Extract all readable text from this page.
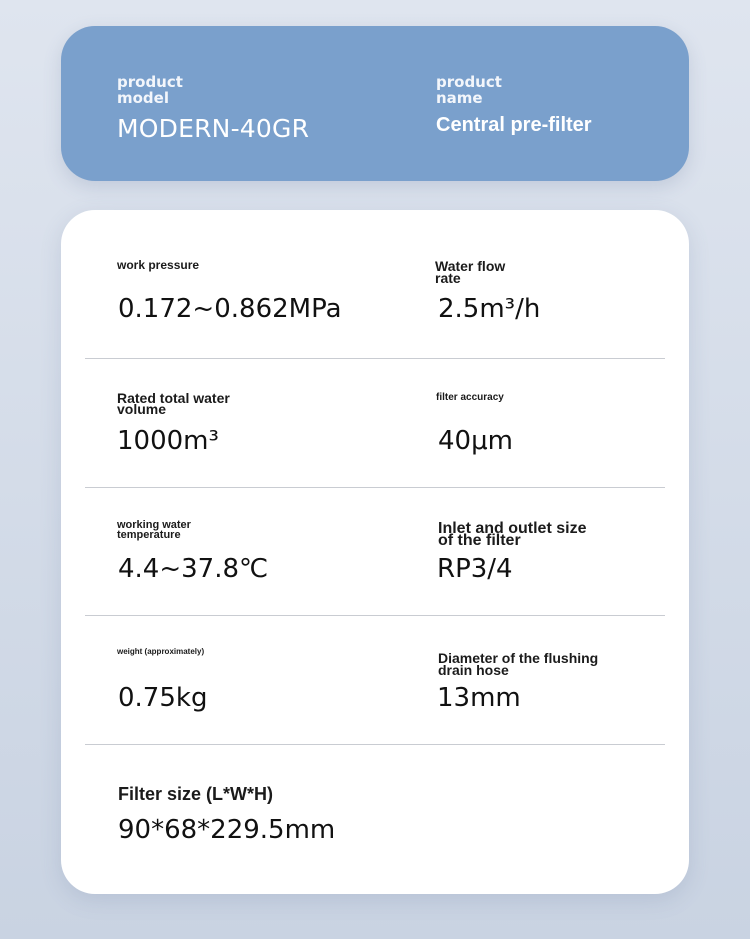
product
model
MODERN-40GR
product
name
Central pre-filter
work pressure
0.172~0.862MPa
Water flow
rate
2.5m³/h
Rated total water
volume
1000m³
filter accuracy
40μm
working water
temperature
4.4~37.8℃
Inlet and outlet size
of the filter
RP3/4
weight (approximately)
0.75kg
Diameter of the flushing
drain hose
13mm
Filter size (L*W*H)
90*68*229.5mm
